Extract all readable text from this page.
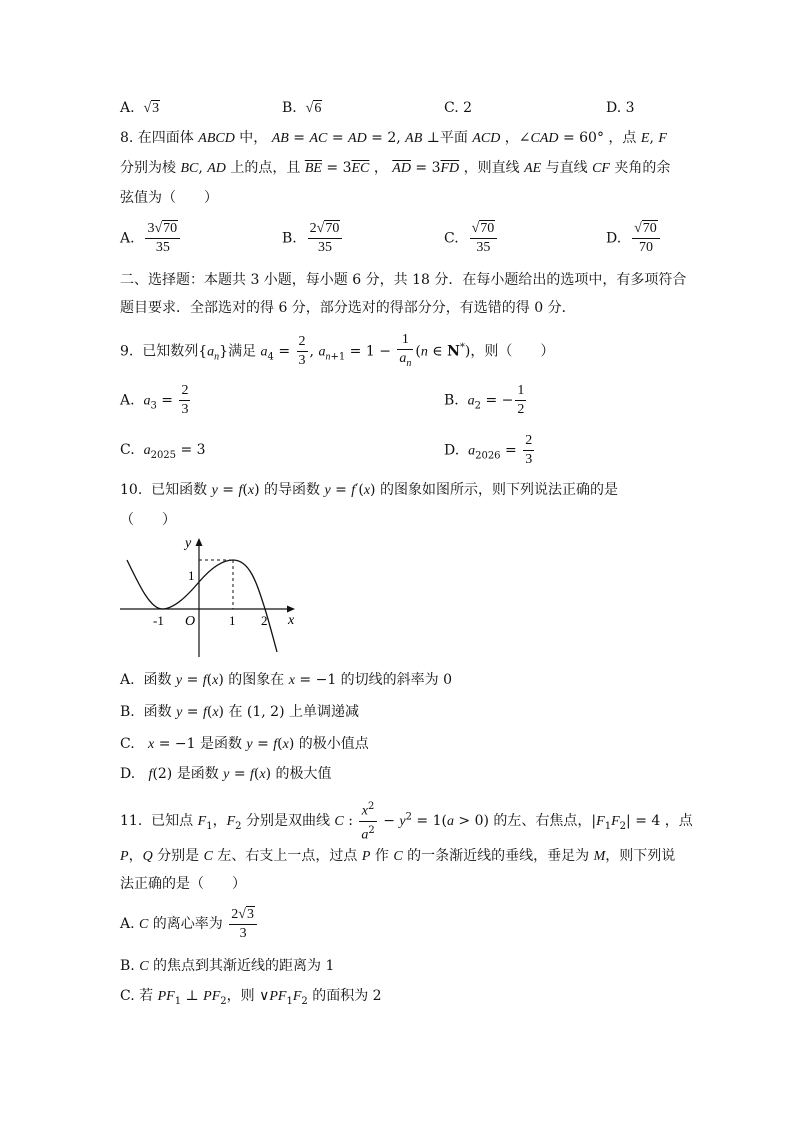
A. √3	B. √6	C. 2	D. 3
8. 在四面体 ABCD 中， AB = AC = AD = 2, AB ⊥平面 ACD ，∠CAD = 60° ，点 E, F
分别为棱 BC, AD 上的点，且 $\overline{BE} = 3\overline{EC}$ ， $\overline{AD} = 3\overline{FD}$ ，则直线 AE 与直线 CF 夹角的余
弦值为（　　）
A. $\frac{3√70}{35}$	B. $\frac{2√70}{35}$	C. $\frac{√70}{35}$	D. $\frac{√70}{70}$
二、选择题：本题共 3 小题，每小题 6 分，共 18 分．在每小题给出的选项中，有多项符合
题目要求．全部选对的得 6 分，部分选对的得部分分，有选错的得 0 分．
9.  已知数列$\{a_n\}$满足 $a_4 = \frac{2}{3}$ , $a_{n+1} = 1 - \frac{1}{a_n} (n$ ∈ N*)，则（　　）
A. $a_3 = \frac{2}{3}$	B. $a_2$ = − $\frac{1}{2}$
C. $a_{2025} = 3$	D. $a_{2026} = \frac{2}{3}$
10.  已知函数 y = f(x) 的导函数 y = f′(x) 的图象如图所示，则下列说法正确的是
（　　）
y
x
O
-1	1 2
1
A.  函数 y = f(x) 的图象在 x = −1 的切线的斜率为 0
B.  函数 y = f(x) 在 (1, 2) 上单调递减
C. x = −1 是函数 y = f(x) 的极小值点
D. f(2) 是函数 y = f(x) 的极大值
11.  已知点 $F_1$，$F_2$ 分别是双曲线 C : $\frac{x^2}{a^2} - y^2 = 1(a > 0)$ 的左、右焦点，$|F_1F_2| = 4$ ，点
P，Q 分别是 C 左、右支上一点，过点 P 作 C 的一条渐近线的垂线，垂足为 M，则下列说
法正确的是（　　）
A. C 的离心率为 $\frac{2√3}{3}$
B. C 的焦点到其渐近线的距离为 1
C. 若 $PF_1$ ⊥ $PF_2$，则 $\vee PF_1F_2$ 的面积为 2
